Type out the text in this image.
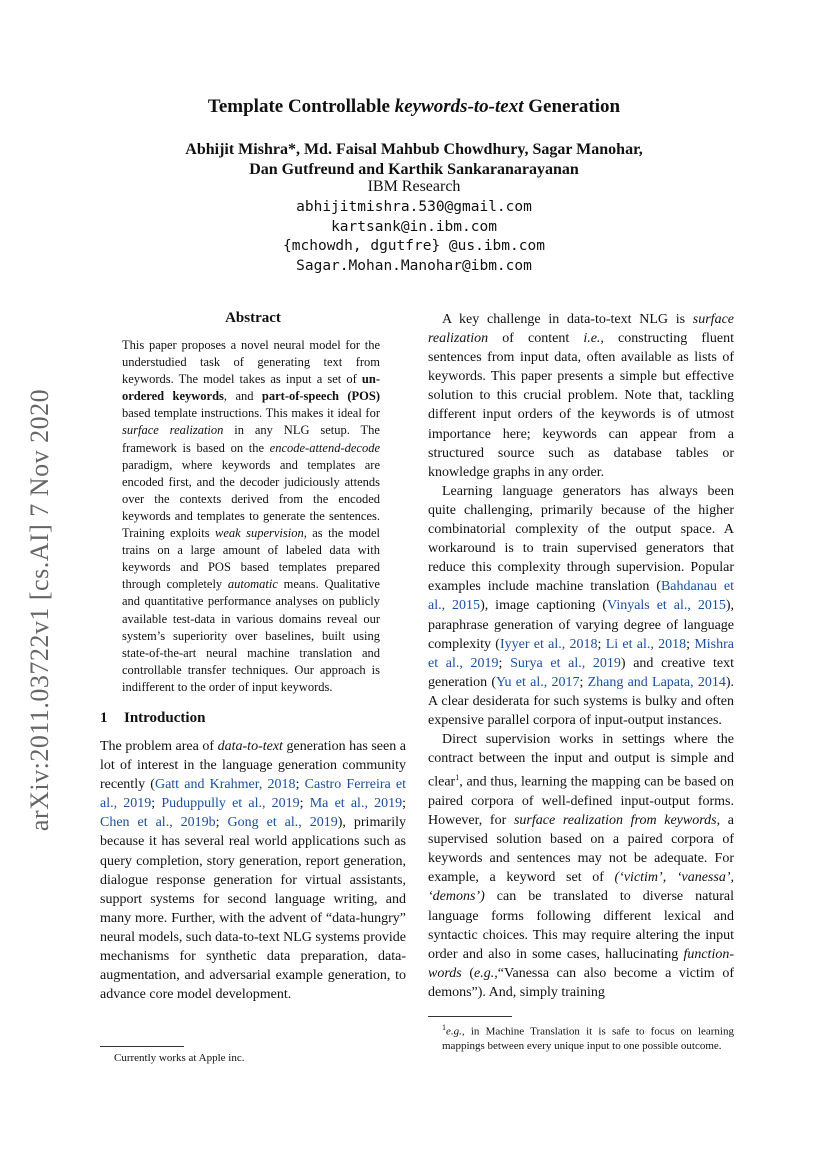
arXiv:2011.03722v1 [cs.AI] 7 Nov 2020
Template Controllable keywords-to-text Generation
Abhijit Mishra*, Md. Faisal Mahbub Chowdhury, Sagar Manohar,
Dan Gutfreund and Karthik Sankaranarayanan
IBM Research
abhijitmishra.530@gmail.com
kartsank@in.ibm.com
{mchowdh, dgutfre} @us.ibm.com
Sagar.Mohan.Manohar@ibm.com
Abstract

This paper proposes a novel neural model for the understudied task of generating text from keywords. The model takes as input a set of un-ordered keywords, and part-of-speech (POS) based template instructions. This makes it ideal for surface realization in any NLG setup. The framework is based on the encode-attend-decode paradigm, where keywords and templates are encoded first, and the decoder judiciously attends over the contexts derived from the encoded keywords and templates to generate the sentences. Training exploits weak supervision, as the model trains on a large amount of labeled data with keywords and POS based templates prepared through completely automatic means. Qualitative and quantitative performance analyses on publicly available test-data in various domains reveal our system’s superiority over baselines, built using state-of-the-art neural machine translation and controllable transfer techniques. Our approach is indifferent to the order of input keywords.

1 Introduction

The problem area of data-to-text generation has seen a lot of interest in the language generation community recently (Gatt and Krahmer, 2018; Castro Ferreira et al., 2019; Puduppully et al., 2019; Ma et al., 2019; Chen et al., 2019b; Gong et al., 2019), primarily because it has several real world applications such as query completion, story generation, report generation, dialogue response generation for virtual assistants, support systems for second language writing, and many more. Further, with the advent of “data-hungry” neural models, such data-to-text NLG systems provide mechanisms for synthetic data preparation, data-augmentation, and adversarial example generation, to advance core model development.

Currently works at Apple inc.

A key challenge in data-to-text NLG is surface realization of content i.e., constructing fluent sentences from input data, often available as lists of keywords. This paper presents a simple but effective solution to this crucial problem. Note that, tackling different input orders of the keywords is of utmost importance here; keywords can appear from a structured source such as database tables or knowledge graphs in any order.

Learning language generators has always been quite challenging, primarily because of the higher combinatorial complexity of the output space. A workaround is to train supervised generators that reduce this complexity through supervision. Popular examples include machine translation (Bahdanau et al., 2015), image captioning (Vinyals et al., 2015), paraphrase generation of varying degree of language complexity (Iyyer et al., 2018; Li et al., 2018; Mishra et al., 2019; Surya et al., 2019) and creative text generation (Yu et al., 2017; Zhang and Lapata, 2014). A clear desiderata for such systems is bulky and often expensive parallel corpora of input-output instances.

Direct supervision works in settings where the contract between the input and output is simple and clear$^1$, and thus, learning the mapping can be based on paired corpora of well-defined input-output forms. However, for surface realization from keywords, a supervised solution based on a paired corpora of keywords and sentences may not be adequate. For example, a keyword set of (‘victim’, ‘vanessa’, ‘demons’) can be translated to diverse natural language forms following different lexical and syntactic choices. This may require altering the input order and also in some cases, hallucinating function-words (e.g.,“Vanessa can also become a victim of demons”). And, simply training

$^1$e.g., in Machine Translation it is safe to focus on learning mappings between every unique input to one possible outcome.
